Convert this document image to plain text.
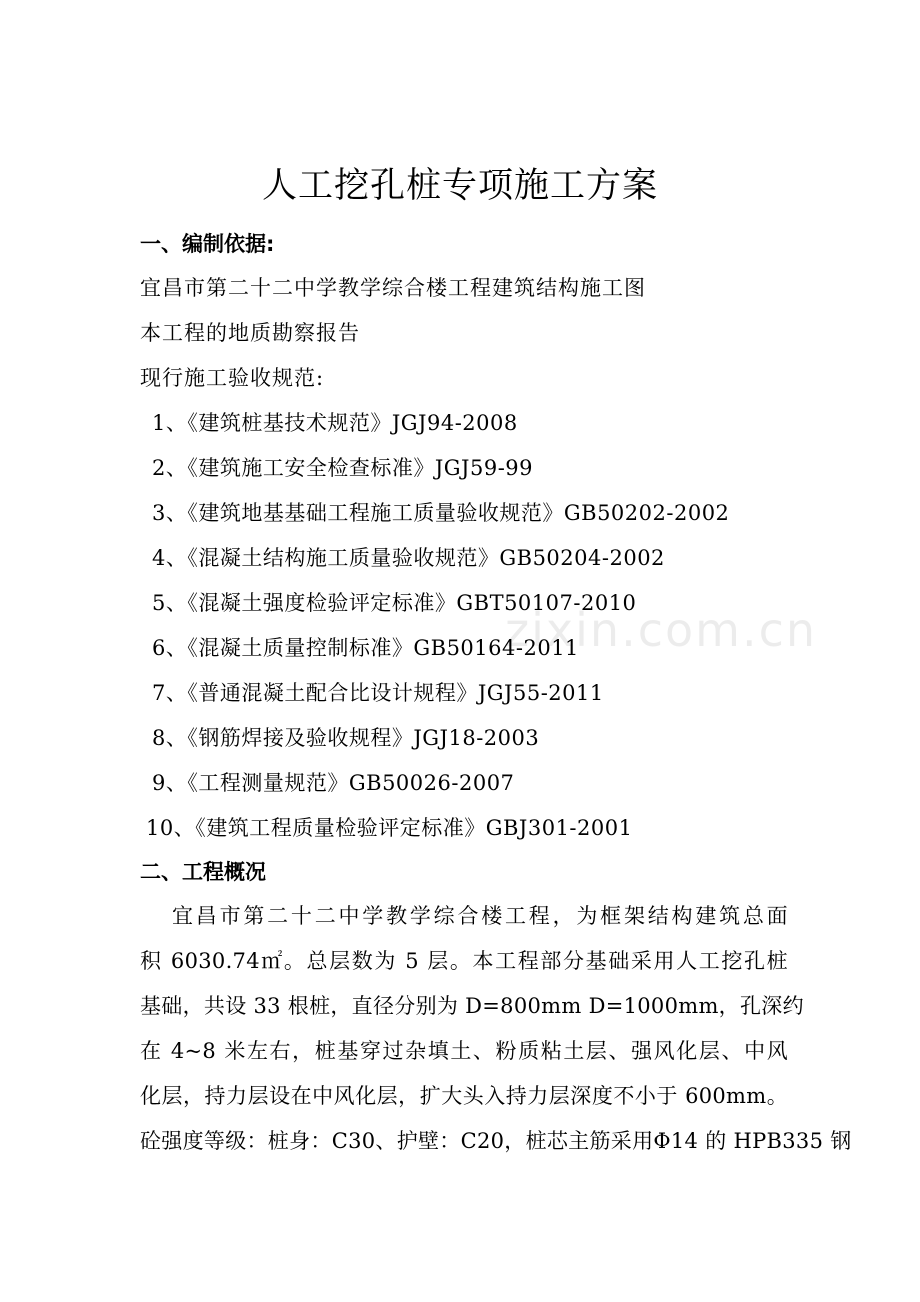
人工挖孔桩专项施工方案
一、编制依据:
宜昌市第二十二中学教学综合楼工程建筑结构施工图
本工程的地质勘察报告
现行施工验收规范:
1、《建筑桩基技术规范》JGJ94-2008
2、《建筑施工安全检查标准》JGJ59-99
3、《建筑地基基础工程施工质量验收规范》GB50202-2002
4、《混凝土结构施工质量验收规范》GB50204-2002
5、《混凝土强度检验评定标准》GBT50107-2010
6、《混凝土质量控制标准》GB50164-2011
7、《普通混凝土配合比设计规程》JGJ55-2011
8、《钢筋焊接及验收规程》JGJ18-2003
9、《工程测量规范》GB50026-2007
10、《建筑工程质量检验评定标准》GBJ301-2001
二、工程概况
宜昌市第二十二中学教学综合楼工程，为框架结构建筑总面
积 6030.74㎡。总层数为 5 层。本工程部分基础采用人工挖孔桩
基础，共设 33 根桩，直径分别为 D=800mm D=1000mm，孔深约
在 4~8 米左右，桩基穿过杂填土、粉质粘土层、强风化层、中风
化层，持力层设在中风化层，扩大头入持力层深度不小于 600mm。
砼强度等级：桩身：C30、护壁：C20，桩芯主筋采用Φ14 的 HPB335 钢
zixin.com.cn
